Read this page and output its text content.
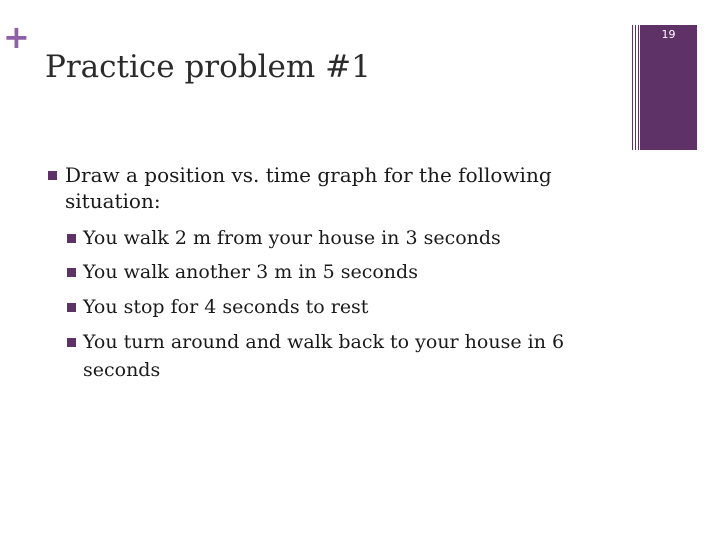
+
Practice problem #1
19
Draw a position vs. time graph for the following situation:
You walk 2 m from your house in 3 seconds
You walk another 3 m in 5 seconds
You stop for 4 seconds to rest
You turn around and walk back to your house in 6 seconds
